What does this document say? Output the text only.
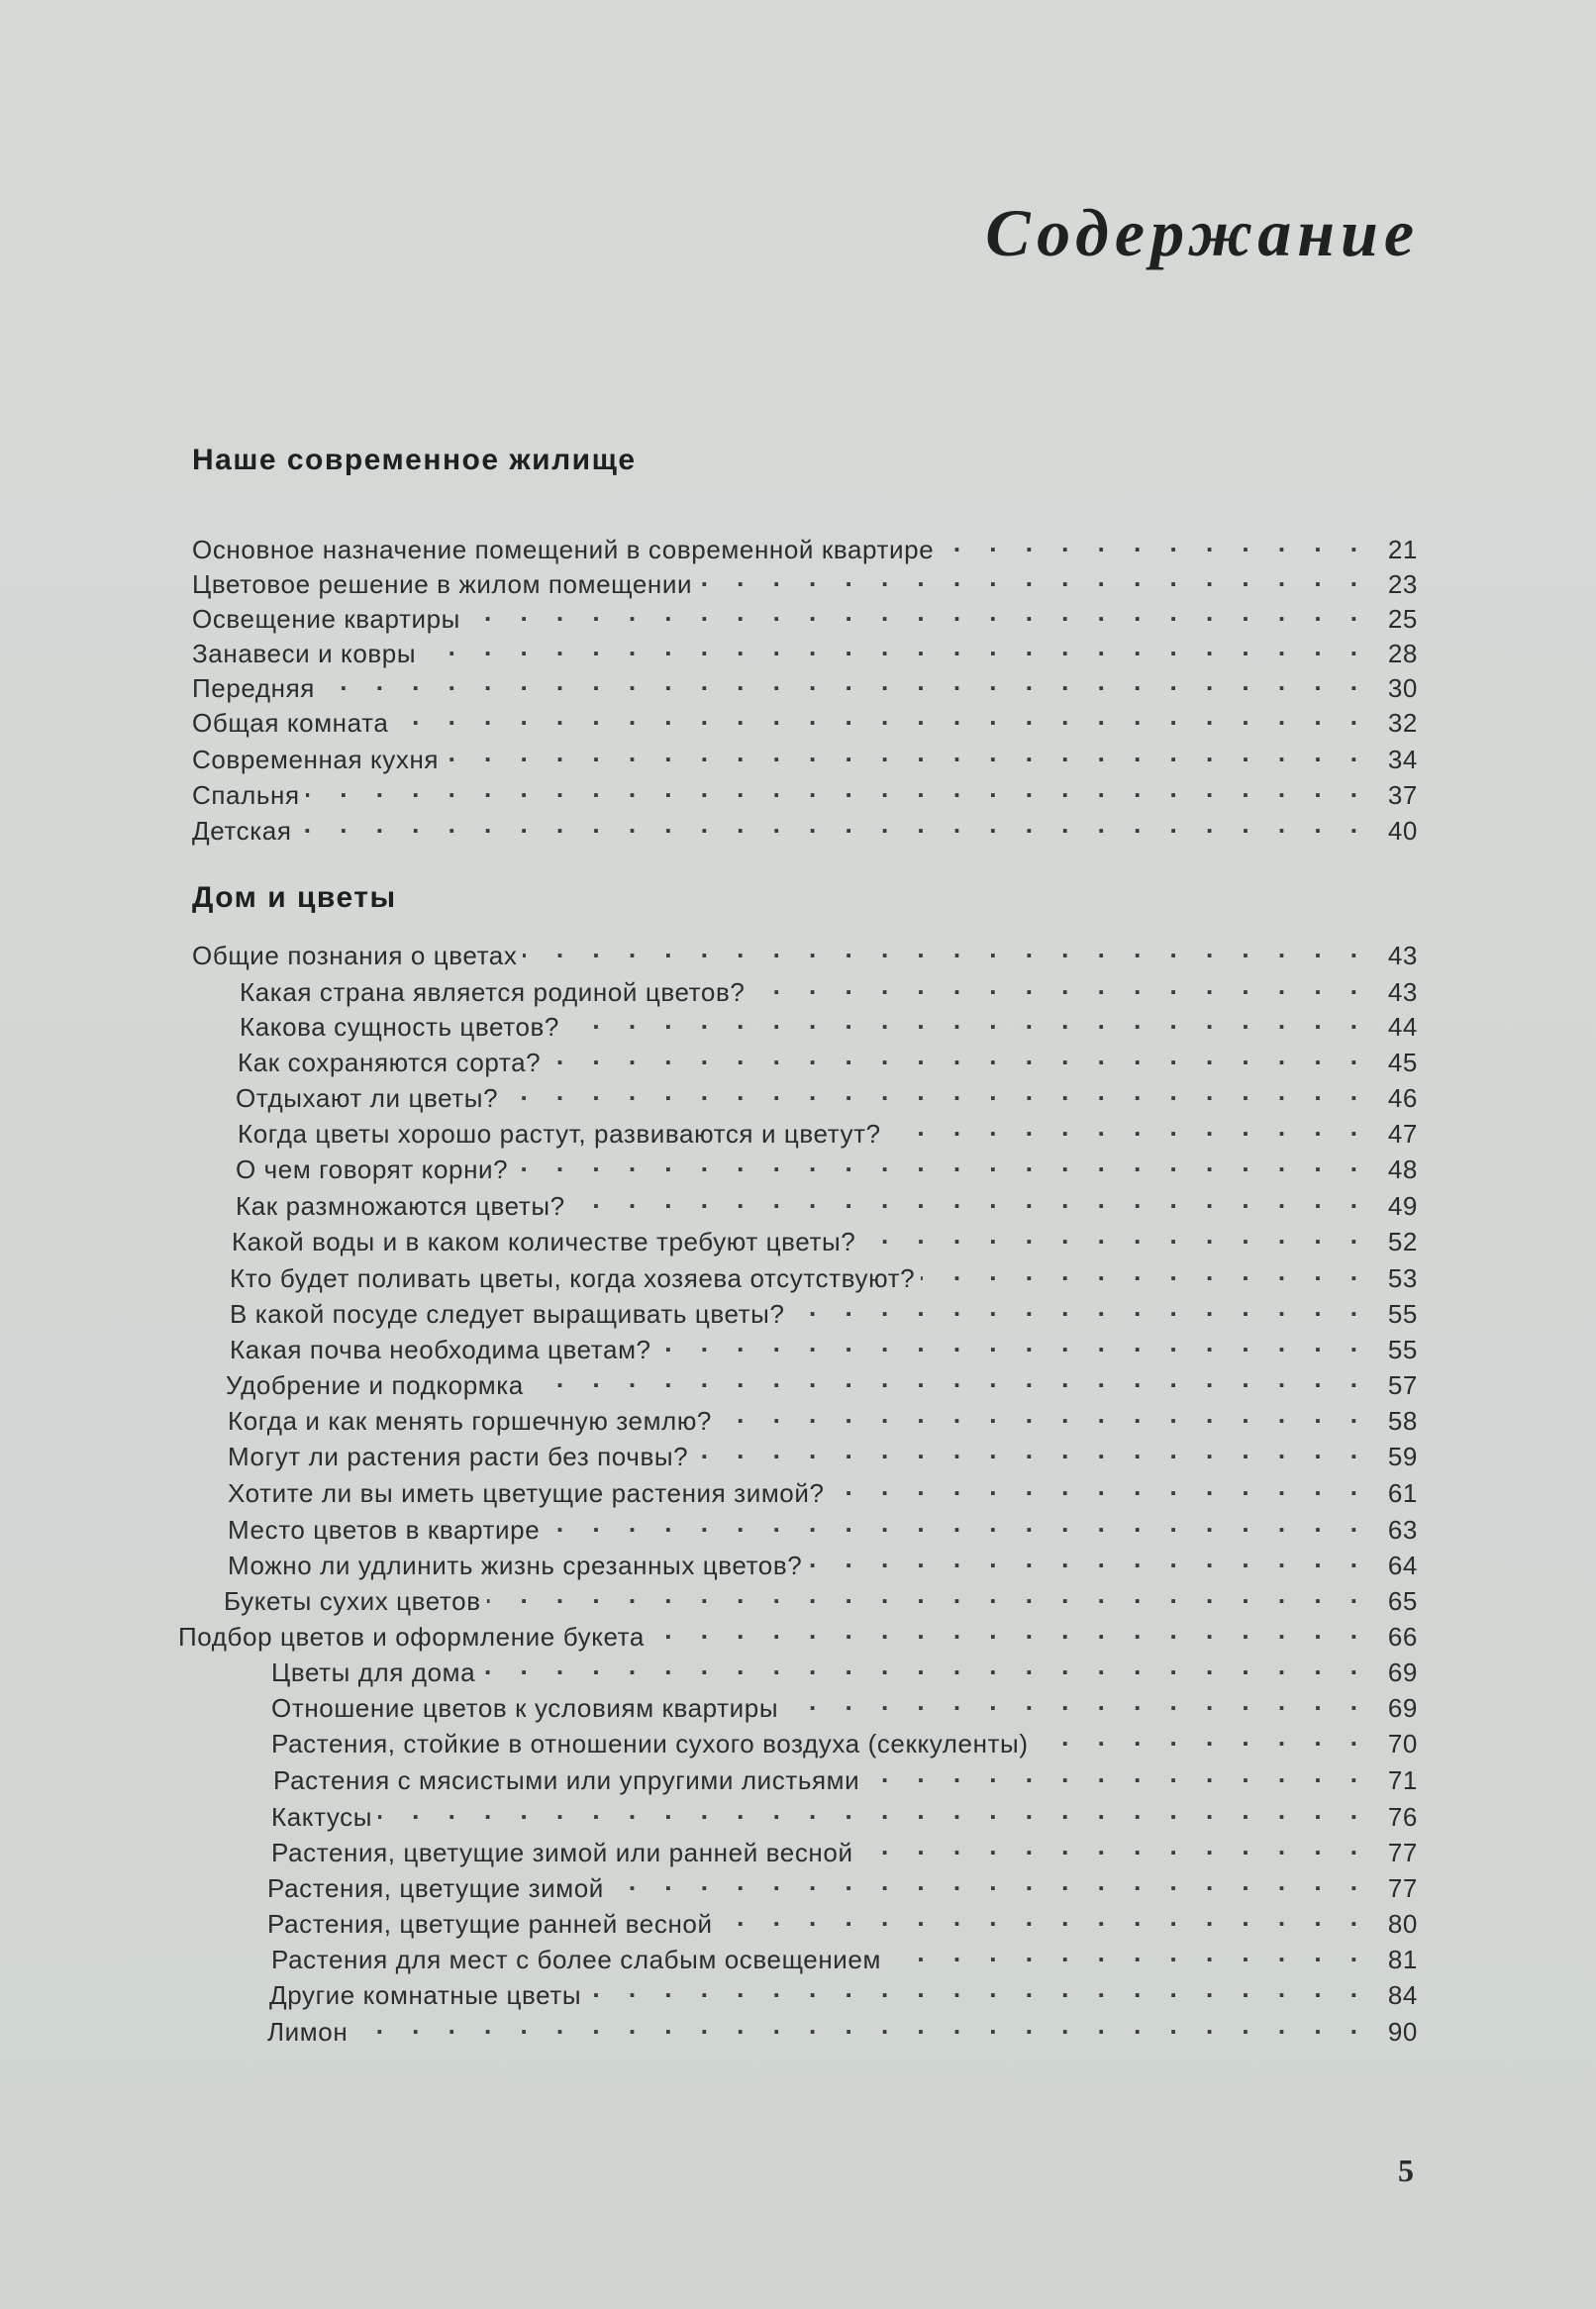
Содержание
Наше современное жилище
Основное назначение помещений в современной квартире . . .	21
Цветовое решение в жилом помещении . . .	23
Освещение квартиры . . .	25
Занавеси и ковры . . .	28
Передняя . . .	30
Общая комната . . .	32
Современная кухня . . .	34
Спальня . . .	37
Детская . . .	40
Дом и цветы
Общие познания о цветах . . .	43
Какая страна является родиной цветов? . . .	43
Какова сущность цветов? . . .	44
Как сохраняются сорта? . . .	45
Отдыхают ли цветы? . . .	46
Когда цветы хорошо растут, развиваются и цветут? . . .	47
О чем говорят корни? . . .	48
Как размножаются цветы? . . .	49
Какой воды и в каком количестве требуют цветы? . . .	52
Кто будет поливать цветы, когда хозяева отсутствуют? . . .	53
В какой посуде следует выращивать цветы? . . .	55
Какая почва необходима цветам? . . .	55
Удобрение и подкормка . . .	57
Когда и как менять горшечную землю? . . .	58
Могут ли растения расти без почвы? . . .	59
Хотите ли вы иметь цветущие растения зимой? . . .	61
Место цветов в квартире . . .	63
Можно ли удлинить жизнь срезанных цветов? . . .	64
Букеты сухих цветов . . .	65
Подбор цветов и оформление букета . . .	66
Цветы для дома . . .	69
Отношение цветов к условиям квартиры . . .	69
Растения, стойкие в отношении сухого воздуха (секкуленты) . . .	70
Растения с мясистыми или упругими листьями . . .	71
Кактусы . . .	76
Растения, цветущие зимой или ранней весной . . .	77
Растения, цветущие зимой . . .	77
Растения, цветущие ранней весной . . .	80
Растения для мест с более слабым освещением . . .	81
Другие комнатные цветы . . .	84
Лимон . . .	90
5
